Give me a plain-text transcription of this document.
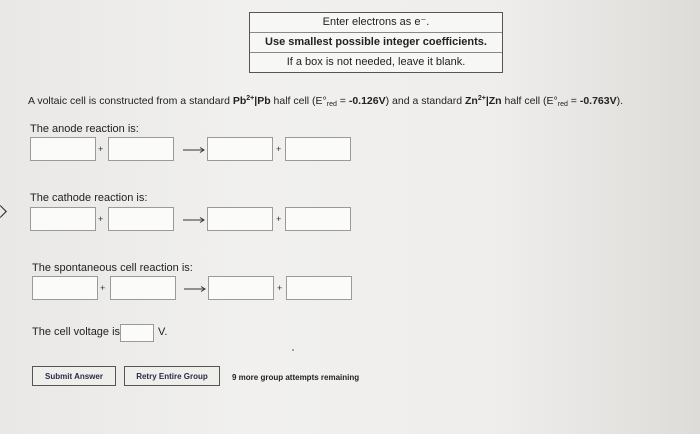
Enter electrons as e⁻.
Use smallest possible integer coefficients.
If a box is not needed, leave it blank.
A voltaic cell is constructed from a standard $Pb^{2+}|Pb$ half cell $(E^\circ_{red} = -0.126V)$ and a standard $Zn^{2+}|Zn$ half cell $(E^\circ_{red} = -0.763V)$.
The anode reaction is:
+	+
The cathode reaction is:
+	+
The spontaneous cell reaction is:
+	+
The cell voltage is	V.
Submit Answer	Retry Entire Group	9 more group attempts remaining
